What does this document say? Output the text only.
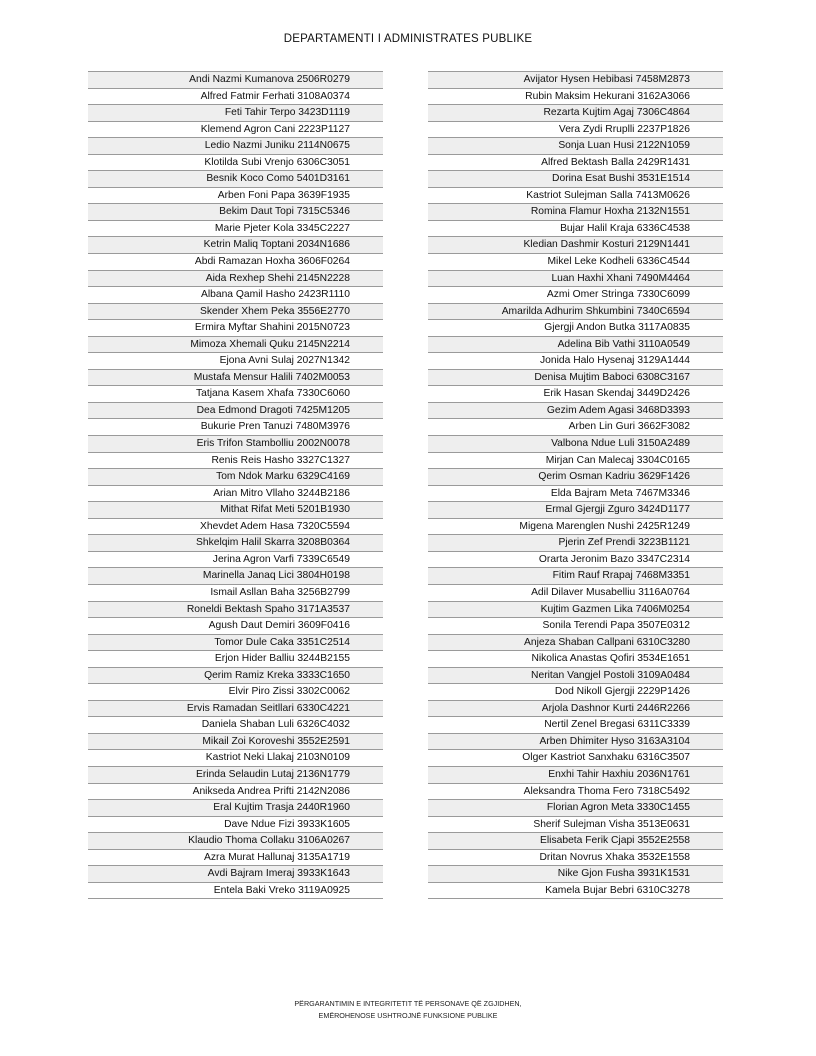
DEPARTAMENTI I ADMINISTRATES PUBLIKE
Andi Nazmi Kumanova 2506R0279
Alfred Fatmir Ferhati 3108A0374
Feti Tahir Terpo 3423D1119
Klemend Agron Cani 2223P1127
Ledio Nazmi Juniku 2114N0675
Klotilda Subi Vrenjo 6306C3051
Besnik Koco Como 5401D3161
Arben Foni Papa 3639F1935
Bekim Daut Topi 7315C5346
Marie Pjeter Kola 3345C2227
Ketrin Maliq Toptani 2034N1686
Abdi Ramazan Hoxha 3606F0264
Aida Rexhep Shehi 2145N2228
Albana Qamil Hasho 2423R1110
Skender Xhem Peka 3556E2770
Ermira Myftar Shahini 2015N0723
Mimoza Xhemali Quku 2145N2214
Ejona Avni Sulaj 2027N1342
Mustafa Mensur Halili 7402M0053
Tatjana Kasem Xhafa 7330C6060
Dea Edmond Dragoti 7425M1205
Bukurie Pren Tanuzi 7480M3976
Eris Trifon Stambolliu 2002N0078
Renis Reis Hasho 3327C1327
Tom Ndok Marku 6329C4169
Arian Mitro Vllaho 3244B2186
Mithat Rifat Meti 5201B1930
Xhevdet Adem Hasa 7320C5594
Shkelqim Halil Skarra 3208B0364
Jerina Agron Varfi 7339C6549
Marinella Janaq Lici 3804H0198
Ismail Asllan Baha 3256B2799
Roneldi Bektash Spaho 3171A3537
Agush Daut Demiri 3609F0416
Tomor Dule Caka 3351C2514
Erjon Hider Balliu 3244B2155
Qerim Ramiz Kreka 3333C1650
Elvir Piro Zissi 3302C0062
Ervis Ramadan Seitllari 6330C4221
Daniela Shaban Luli 6326C4032
Mikail Zoi Koroveshi 3552E2591
Kastriot Neki Llakaj 2103N0109
Erinda Selaudin Lutaj 2136N1779
Anikseda Andrea Prifti 2142N2086
Eral Kujtim Trasja 2440R1960
Dave Ndue Fizi 3933K1605
Klaudio Thoma Collaku 3106A0267
Azra Murat Hallunaj 3135A1719
Avdi Bajram Imeraj 3933K1643
Entela Baki Vreko 3119A0925
Avijator Hysen Hebibasi 7458M2873
Rubin Maksim Hekurani 3162A3066
Rezarta Kujtim Agaj 7306C4864
Vera Zydi Rruplli 2237P1826
Sonja Luan Husi 2122N1059
Alfred Bektash Balla 2429R1431
Dorina Esat Bushi 3531E1514
Kastriot Sulejman Salla 7413M0626
Romina Flamur Hoxha 2132N1551
Bujar Halil Kraja 6336C4538
Kledian Dashmir Kosturi 2129N1441
Mikel Leke Kodheli 6336C4544
Luan Haxhi Xhani 7490M4464
Azmi Omer Stringa 7330C6099
Amarilda Adhurim Shkumbini 7340C6594
Gjergji Andon Butka 3117A0835
Adelina Bib Vathi 3110A0549
Jonida Halo Hysenaj 3129A1444
Denisa Mujtim Baboci 6308C3167
Erik Hasan Skendaj 3449D2426
Gezim Adem Agasi 3468D3393
Arben Lin Guri 3662F3082
Valbona Ndue Luli 3150A2489
Mirjan Can Malecaj 3304C0165
Qerim Osman Kadriu 3629F1426
Elda Bajram Meta 7467M3346
Ermal Gjergji Zguro 3424D1177
Migena Marenglen Nushi 2425R1249
Pjerin Zef Prendi 3223B1121
Orarta Jeronim Bazo 3347C2314
Fitim Rauf Rrapaj 7468M3351
Adil Dilaver Musabelliu 3116A0764
Kujtim Gazmen Lika 7406M0254
Sonila Terendi Papa 3507E0312
Anjeza Shaban Callpani 6310C3280
Nikolica Anastas Qofiri 3534E1651
Neritan Vangjel Postoli 3109A0484
Dod Nikoll Gjergji 2229P1426
Arjola Dashnor Kurti 2446R2266
Nertil Zenel Bregasi 6311C3339
Arben Dhimiter Hyso 3163A3104
Olger Kastriot Sanxhaku 6316C3507
Enxhi Tahir Haxhiu 2036N1761
Aleksandra Thoma Fero 7318C5492
Florian Agron Meta 3330C1455
Sherif Sulejman Visha 3513E0631
Elisabeta Ferik Cjapi 3552E2558
Dritan Novrus Xhaka 3532E1558
Nike Gjon Fusha 3931K1531
Kamela Bujar Bebri 6310C3278
PËRGARANTIMIN E INTEGRITETIT TË PERSONAVE QË ZGJIDHEN,
EMËROHENOSE USHTROJNË FUNKSIONE PUBLIKE
